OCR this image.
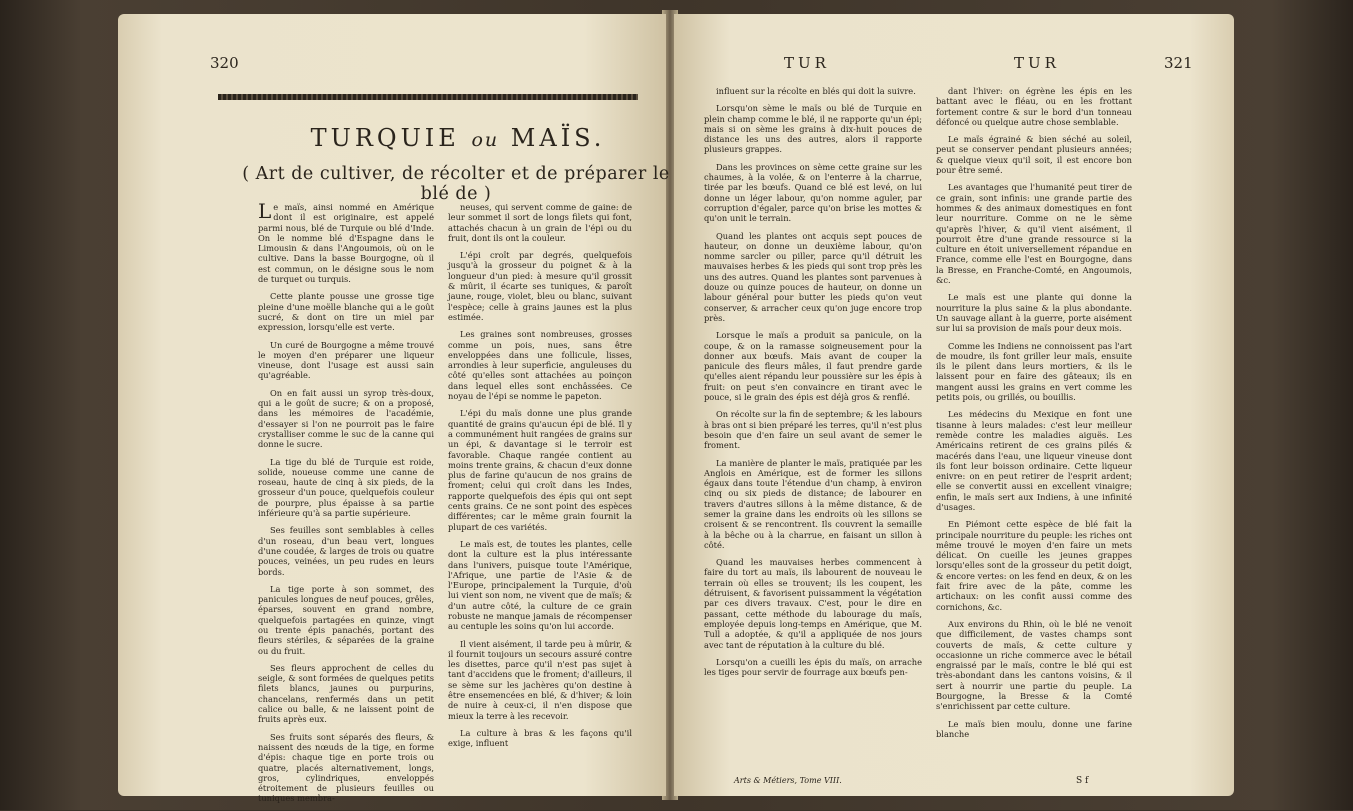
320
TURQUIE ou MAÏS.
( Art de cultiver, de récolter et de préparer le blé de )

Le maïs, ainsi nommé en Amérique dont il est originaire, est appelé parmi nous, blé de Turquie ou blé d'Inde. On le nomme blé d'Espagne dans le Limousin & dans l'Angoumois, où on le cultive. Dans la basse Bourgogne, où il est commun, on le désigne sous le nom de turquet ou turquis.

Cette plante pousse une grosse tige pleine d'une moëlle blanche qui a le goût sucré, & dont on tire un miel par expression, lorsqu'elle est verte.

Un curé de Bourgogne a même trouvé le moyen d'en préparer une liqueur vineuse, dont l'usage est aussi sain qu'agréable.

On en fait aussi un syrop très-doux, qui a le goût de sucre; & on a proposé, dans les mémoires de l'académie, d'essayer si l'on ne pourroit pas le faire crystalliser comme le suc de la canne qui donne le sucre.

La tige du blé de Turquie est roide, solide, noueuse comme une canne de roseau, haute de cinq à six pieds, de la grosseur d'un pouce, quelquefois couleur de pourpre, plus épaisse à sa partie inférieure qu'à sa partie supérieure.

Ses feuilles sont semblables à celles d'un roseau, d'un beau vert, longues d'une coudée, & larges de trois ou quatre pouces, veinées, un peu rudes en leurs bords.

La tige porte à son sommet, des panicules longues de neuf pouces, grêles, éparses, souvent en grand nombre, quelquefois partagées en quinze, vingt ou trente épis panachés, portant des fleurs stériles, & séparées de la graine ou du fruit.

Ses fleurs approchent de celles du seigle, & sont formées de quelques petits filets blancs, jaunes ou purpurins, chancelans, renfermés dans un petit calice ou balle, & ne laissent point de fruits après eux.

Ses fruits sont séparés des fleurs, & naissent des nœuds de la tige, en forme d'épis: chaque tige en porte trois ou quatre, placés alternativement, longs, gros, cylindriques, enveloppés étroitement de plusieurs feuilles ou tuniques membra-

neuses, qui servent comme de gaine: de leur sommet il sort de longs filets qui font, attachés chacun à un grain de l'épi ou du fruit, dont ils ont la couleur.

L'épi croît par degrés, quelquefois jusqu'à la grosseur du poignet & à la longueur d'un pied: à mesure qu'il grossit & mûrit, il écarte ses tuniques, & paroît jaune, rouge, violet, bleu ou blanc, suivant l'espèce; celle à grains jaunes est la plus estimée.

Les graines sont nombreuses, grosses comme un pois, nues, sans être enveloppées dans une follicule, lisses, arrondies à leur superficie, anguleuses du côté qu'elles sont attachées au poinçon dans lequel elles sont enchâssées. Ce noyau de l'épi se nomme le papeton.

L'épi du maïs donne une plus grande quantité de grains qu'aucun épi de blé. Il y a communément huit rangées de grains sur un épi, & davantage si le terroir est favorable. Chaque rangée contient au moins trente grains, & chacun d'eux donne plus de farine qu'aucun de nos grains de froment; celui qui croît dans les Indes, rapporte quelquefois des épis qui ont sept cents grains. Ce ne sont point des espèces différentes; car le même grain fournit la plupart de ces variétés.

Le maïs est, de toutes les plantes, celle dont la culture est la plus intéressante dans l'univers, puisque toute l'Amérique, l'Afrique, une partie de l'Asie & de l'Europe, principalement la Turquie, d'où lui vient son nom, ne vivent que de maïs; & d'un autre côté, la culture de ce grain robuste ne manque jamais de récompenser au centuple les soins qu'on lui accorde.

Il vient aisément, il tarde peu à mûrir, & il fournit toujours un secours assuré contre les disettes, parce qu'il n'est pas sujet à tant d'accidens que le froment; d'ailleurs, il se sème sur les jachères qu'on destine à être ensemencées en blé, & d'hiver; & loin de nuire à ceux-ci, il n'en dispose que mieux la terre à les recevoir.

La culture à bras & les façons qu'il exige, influent

TUR	TUR	321

influent sur la récolte en blés qui doit la suivre.

Lorsqu'on sème le maïs ou blé de Turquie en plein champ comme le blé, il ne rapporte qu'un épi; mais si on sème les grains à dix-huit pouces de distance les uns des autres, alors il rapporte plusieurs grappes.

Dans les provinces on sème cette graine sur les chaumes, à la volée, & on l'enterre à la charrue, tirée par les bœufs. Quand ce blé est levé, on lui donne un léger labour, qu'on nomme aguler, par corruption d'égaler, parce qu'on brise les mottes & qu'on unit le terrain.

Quand les plantes ont acquis sept pouces de hauteur, on donne un deuxième labour, qu'on nomme sarcler ou piller, parce qu'il détruit les mauvaises herbes & les pieds qui sont trop près les uns des autres. Quand les plantes sont parvenues à douze ou quinze pouces de hauteur, on donne un labour général pour butter les pieds qu'on veut conserver, & arracher ceux qu'on juge encore trop près.

Lorsque le maïs a produit sa panicule, on la coupe, & on la ramasse soigneusement pour la donner aux bœufs. Mais avant de couper la panicule des fleurs mâles, il faut prendre garde qu'elles aient répandu leur poussière sur les épis à fruit: on peut s'en convaincre en tirant avec le pouce, si le grain des épis est déjà gros & renflé.

On récolte sur la fin de septembre; & les labours à bras ont si bien préparé les terres, qu'il n'est plus besoin que d'en faire un seul avant de semer le froment.

La manière de planter le maïs, pratiquée par les Anglois en Amérique, est de former les sillons égaux dans toute l'étendue d'un champ, à environ cinq ou six pieds de distance; de labourer en travers d'autres sillons à la même distance, & de semer la graine dans les endroits où les sillons se croisent & se rencontrent. Ils couvrent la semaille à la bêche ou à la charrue, en faisant un sillon à côté.

Quand les mauvaises herbes commencent à faire du tort au maïs, ils labourent de nouveau le terrain où elles se trouvent; ils les coupent, les détruisent, & favorisent puissamment la végétation par ces divers travaux. C'est, pour le dire en passant, cette méthode du labourage du maïs, employée depuis long-temps en Amérique, que M. Tull a adoptée, & qu'il a appliquée de nos jours avec tant de réputation à la culture du blé.

Lorsqu'on a cueilli les épis du maïs, on arrache les tiges pour servir de fourrage aux bœufs pen-

Arts & Métiers, Tome VIII.

dant l'hiver: on égrène les épis en les battant avec le fléau, ou en les frottant fortement contre & sur le bord d'un tonneau défoncé ou quelque autre chose semblable.

Le maïs égrainé & bien séché au soleil, peut se conserver pendant plusieurs années; & quelque vieux qu'il soit, il est encore bon pour être semé.

Les avantages que l'humanité peut tirer de ce grain, sont infinis: une grande partie des hommes & des animaux domestiques en font leur nourriture. Comme on ne le sème qu'après l'hiver, & qu'il vient aisément, il pourroit être d'une grande ressource si la culture en étoit universellement répandue en France, comme elle l'est en Bourgogne, dans la Bresse, en Franche-Comté, en Angoumois, &c.

Le maïs est une plante qui donne la nourriture la plus saine & la plus abondante. Un sauvage allant à la guerre, porte aisément sur lui sa provision de maïs pour deux mois.

Comme les Indiens ne connoissent pas l'art de moudre, ils font griller leur maïs, ensuite ils le pilent dans leurs mortiers, & ils le laissent pour en faire des gâteaux; ils en mangent aussi les grains en vert comme les petits pois, ou grillés, ou bouillis.

Les médecins du Mexique en font une tisanne à leurs malades: c'est leur meilleur remède contre les maladies aiguës. Les Américains retirent de ces grains pilés & macérés dans l'eau, une liqueur vineuse dont ils font leur boisson ordinaire. Cette liqueur enivre: on en peut retirer de l'esprit ardent; elle se convertit aussi en excellent vinaigre; enfin, le maïs sert aux Indiens, à une infinité d'usages.

En Piémont cette espèce de blé fait la principale nourriture du peuple: les riches ont même trouvé le moyen d'en faire un mets délicat. On cueille les jeunes grappes lorsqu'elles sont de la grosseur du petit doigt, & encore vertes: on les fend en deux, & on les fait frire avec de la pâte, comme les artichaux: on les confit aussi comme des cornichons, &c.

Aux environs du Rhin, où le blé ne venoit que difficilement, de vastes champs sont couverts de maïs, & cette culture y occasionne un riche commerce avec le bétail engraissé par le maïs, contre le blé qui est très-abondant dans les cantons voisins, & il sert à nourrir une partie du peuple. La Bourgogne, la Bresse & la Comté s'enrichissent par cette culture.

Le maïs bien moulu, donne une farine blanche

S f
